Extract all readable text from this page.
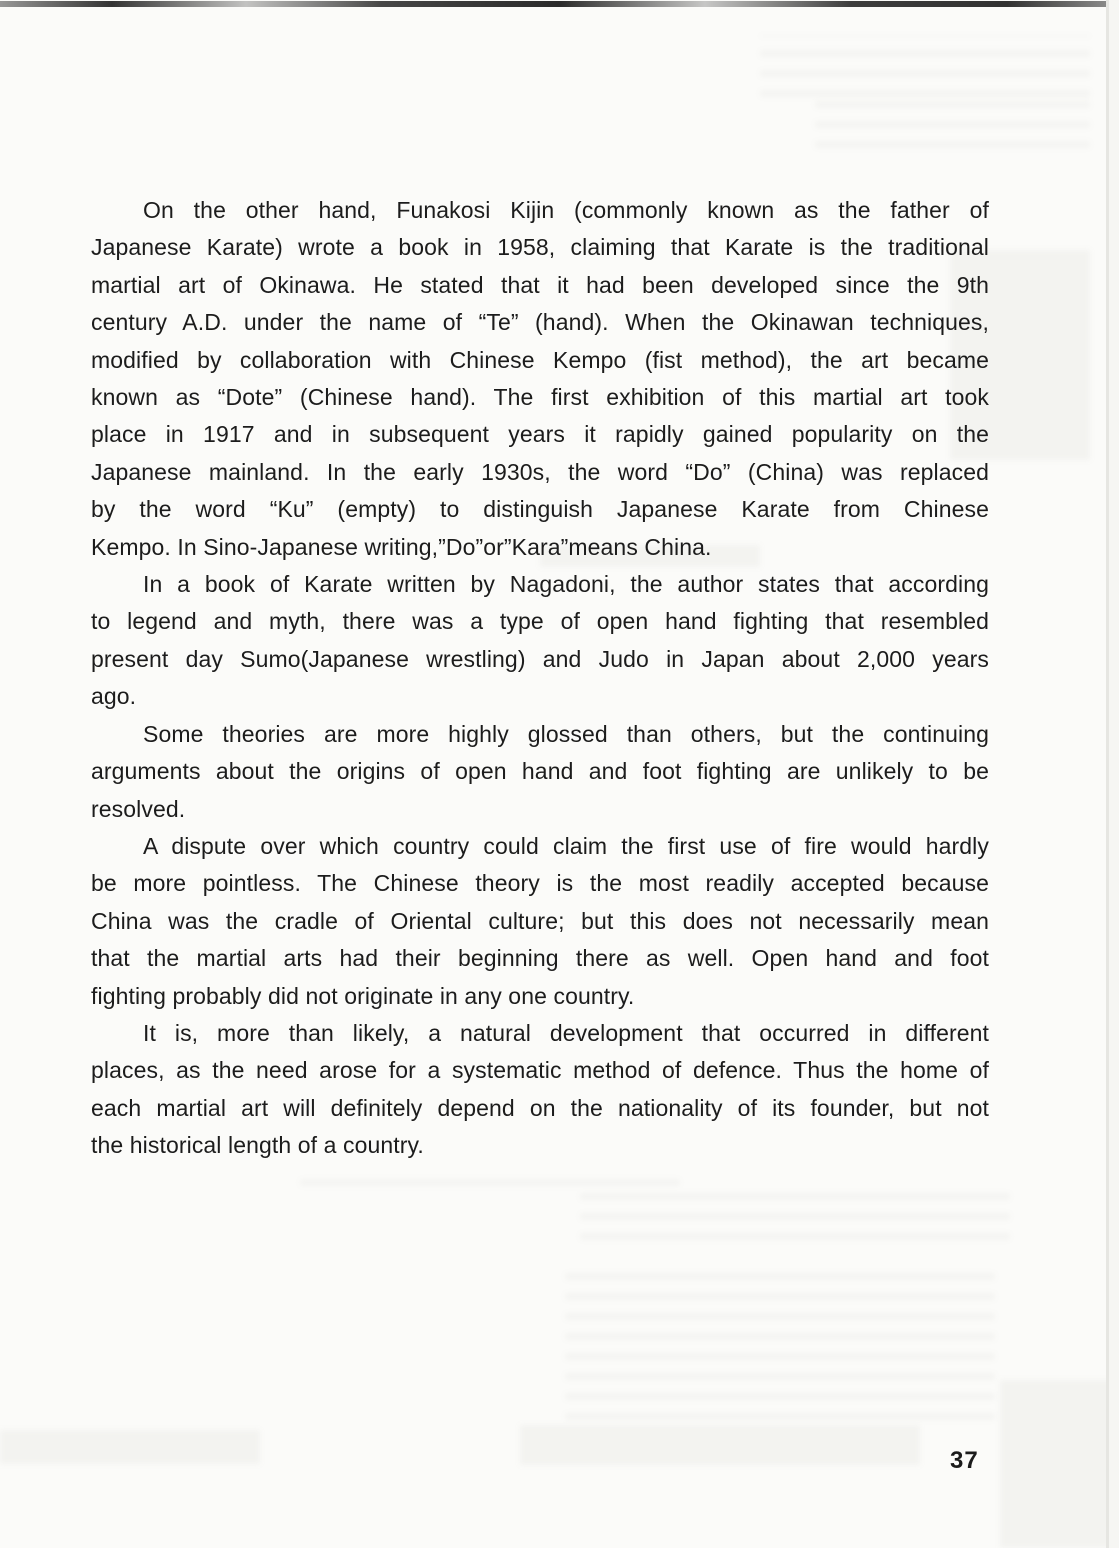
On the other hand, Funakosi Kijin (commonly known as the father of
Japanese Karate) wrote a book in 1958, claiming that Karate is the traditional
martial art of Okinawa. He stated that it had been developed since the 9th
century A.D. under the name of “Te” (hand). When the Okinawan techniques,
modified by collaboration with Chinese Kempo (fist method), the art became
known as “Dote” (Chinese hand). The first exhibition of this martial art took
place in 1917 and in subsequent years it rapidly gained popularity on the
Japanese mainland. In the early 1930s, the word “Do” (China) was replaced
by the word “Ku” (empty) to distinguish Japanese Karate from Chinese
Kempo. In Sino-Japanese writing,”Do”or”Kara”means China.
In a book of Karate written by Nagadoni, the author states that according
to legend and myth, there was a type of open hand fighting that resembled
present day Sumo(Japanese wrestling) and Judo in Japan about 2,000 years
ago.
Some theories are more highly glossed than others, but the continuing
arguments about the origins of open hand and foot fighting are unlikely to be
resolved.
A dispute over which country could claim the first use of fire would hardly
be more pointless. The Chinese theory is the most readily accepted because
China was the cradle of Oriental culture; but this does not necessarily mean
that the martial arts had their beginning there as well. Open hand and foot
fighting probably did not originate in any one country.
It is, more than likely, a natural development that occurred in different
places, as the need arose for a systematic method of defence. Thus the home of
each martial art will definitely depend on the nationality of its founder, but not
the historical length of a country.
37
